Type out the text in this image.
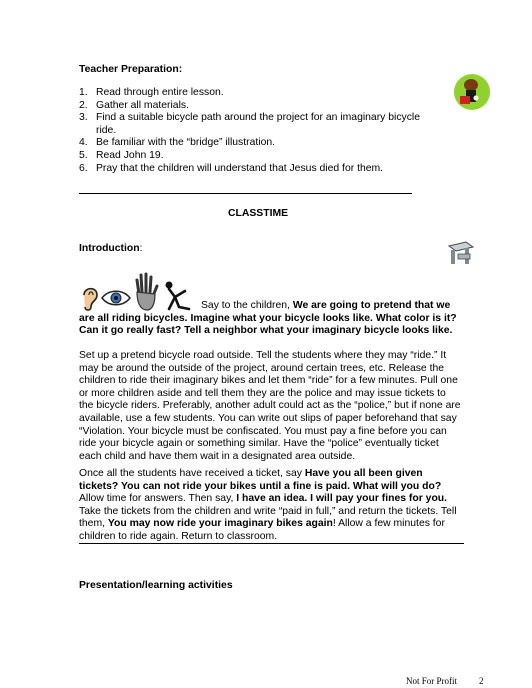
Teacher Preparation:
1. Read through entire lesson.
2. Gather all materials.
3. Find a suitable bicycle path around the project for an imaginary bicycle ride.
4. Be familiar with the “bridge” illustration.
5. Read John 19.
6. Pray that the children will understand that Jesus died for them.
CLASSTIME
Introduction:
Say to the children, We are going to pretend that we are all riding bicycles. Imagine what your bicycle looks like. What color is it? Can it go really fast? Tell a neighbor what your imaginary bicycle looks like.
Set up a pretend bicycle road outside. Tell the students where they may “ride.” It may be around the outside of the project, around certain trees, etc. Release the children to ride their imaginary bikes and let them “ride” for a few minutes. Pull one or more children aside and tell them they are the police and may issue tickets to the bicycle riders. Preferably, another adult could act as the “police,” but if none are available, use a few students. You can write out slips of paper beforehand that say “Violation. Your bicycle must be confiscated. You must pay a fine before you can ride your bicycle again or something similar. Have the “police” eventually ticket each child and have them wait in a designated area outside.
Once all the students have received a ticket, say Have you all been given tickets? You can not ride your bikes until a fine is paid. What will you do? Allow time for answers. Then say, I have an idea. I will pay your fines for you. Take the tickets from the children and write “paid in full,” and return the tickets. Tell them, You may now ride your imaginary bikes again! Allow a few minutes for children to ride again. Return to classroom.
Presentation/learning activities
Not For Profit 2
